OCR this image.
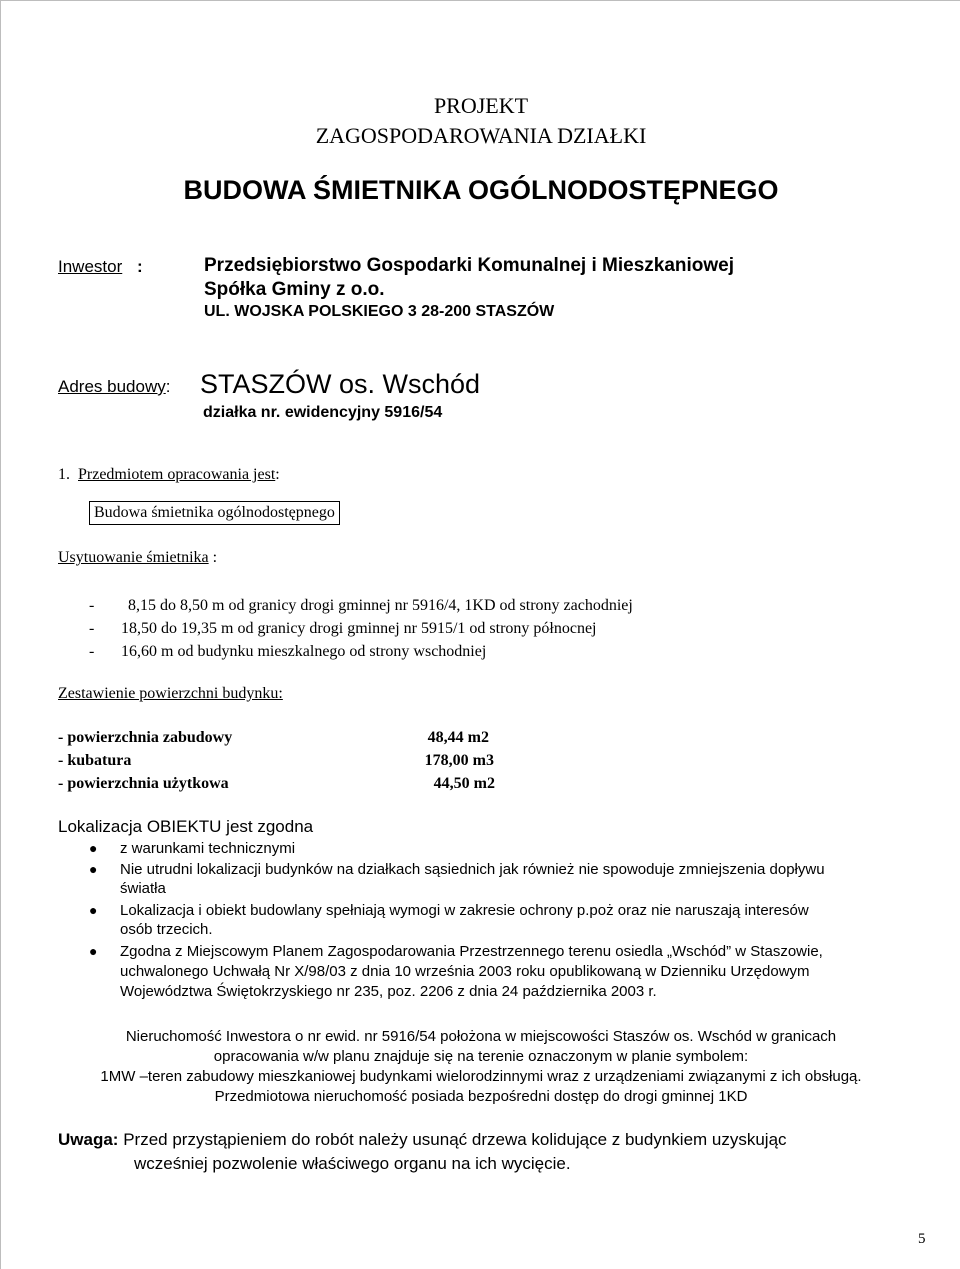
PROJEKT
ZAGOSPODAROWANIA DZIAŁKI
BUDOWA ŚMIETNIKA OGÓLNODOSTĘPNEGO
Inwestor :	Przedsiębiorstwo Gospodarki Komunalnej i Mieszkaniowej
Spółka Gminy z o.o.
UL. WOJSKA POLSKIEGO 3 28-200 STASZÓW
Adres budowy: STASZÓW os. Wschód
działka nr. ewidencyjny 5916/54
1. Przedmiotem opracowania jest:
Budowa śmietnika ogólnodostępnego
Usytuowanie śmietnika :
- 8,15 do 8,50 m od granicy drogi gminnej nr 5916/4, 1KD od strony zachodniej
- 18,50 do 19,35 m od granicy drogi gminnej nr 5915/1 od strony północnej
- 16,60 m od budynku mieszkalnego od strony wschodniej
Zestawienie powierzchni budynku:
- powierzchnia zabudowy	48,44 m2
- kubatura	178,00 m3
- powierzchnia użytkowa	44,50 m2
Lokalizacja OBIEKTU jest zgodna
● z warunkami technicznymi
● Nie utrudni lokalizacji budynków na działkach sąsiednich jak również nie spowoduje zmniejszenia dopływu
światła
● Lokalizacja i obiekt budowlany spełniają wymogi w zakresie ochrony p.poż oraz nie naruszają interesów
osób trzecich.
● Zgodna z Miejscowym Planem Zagospodarowania Przestrzennego terenu osiedla „Wschód” w Staszowie,
uchwalonego Uchwałą Nr X/98/03 z dnia 10 września 2003 roku opublikowaną w Dzienniku Urzędowym
Województwa Świętokrzyskiego nr 235, poz. 2206 z dnia 24 października 2003 r.
Nieruchomość Inwestora o nr ewid. nr 5916/54 położona w miejscowości Staszów os. Wschód w granicach
opracowania w/w planu znajduje się na terenie oznaczonym w planie symbolem:
1MW –teren zabudowy mieszkaniowej budynkami wielorodzinnymi wraz z urządzeniami związanymi z ich obsługą.
Przedmiotowa nieruchomość posiada bezpośredni dostęp do drogi gminnej 1KD
Uwaga: Przed przystąpieniem do robót należy usunąć drzewa kolidujące z budynkiem uzyskując
wcześniej pozwolenie właściwego organu na ich wycięcie.
5
